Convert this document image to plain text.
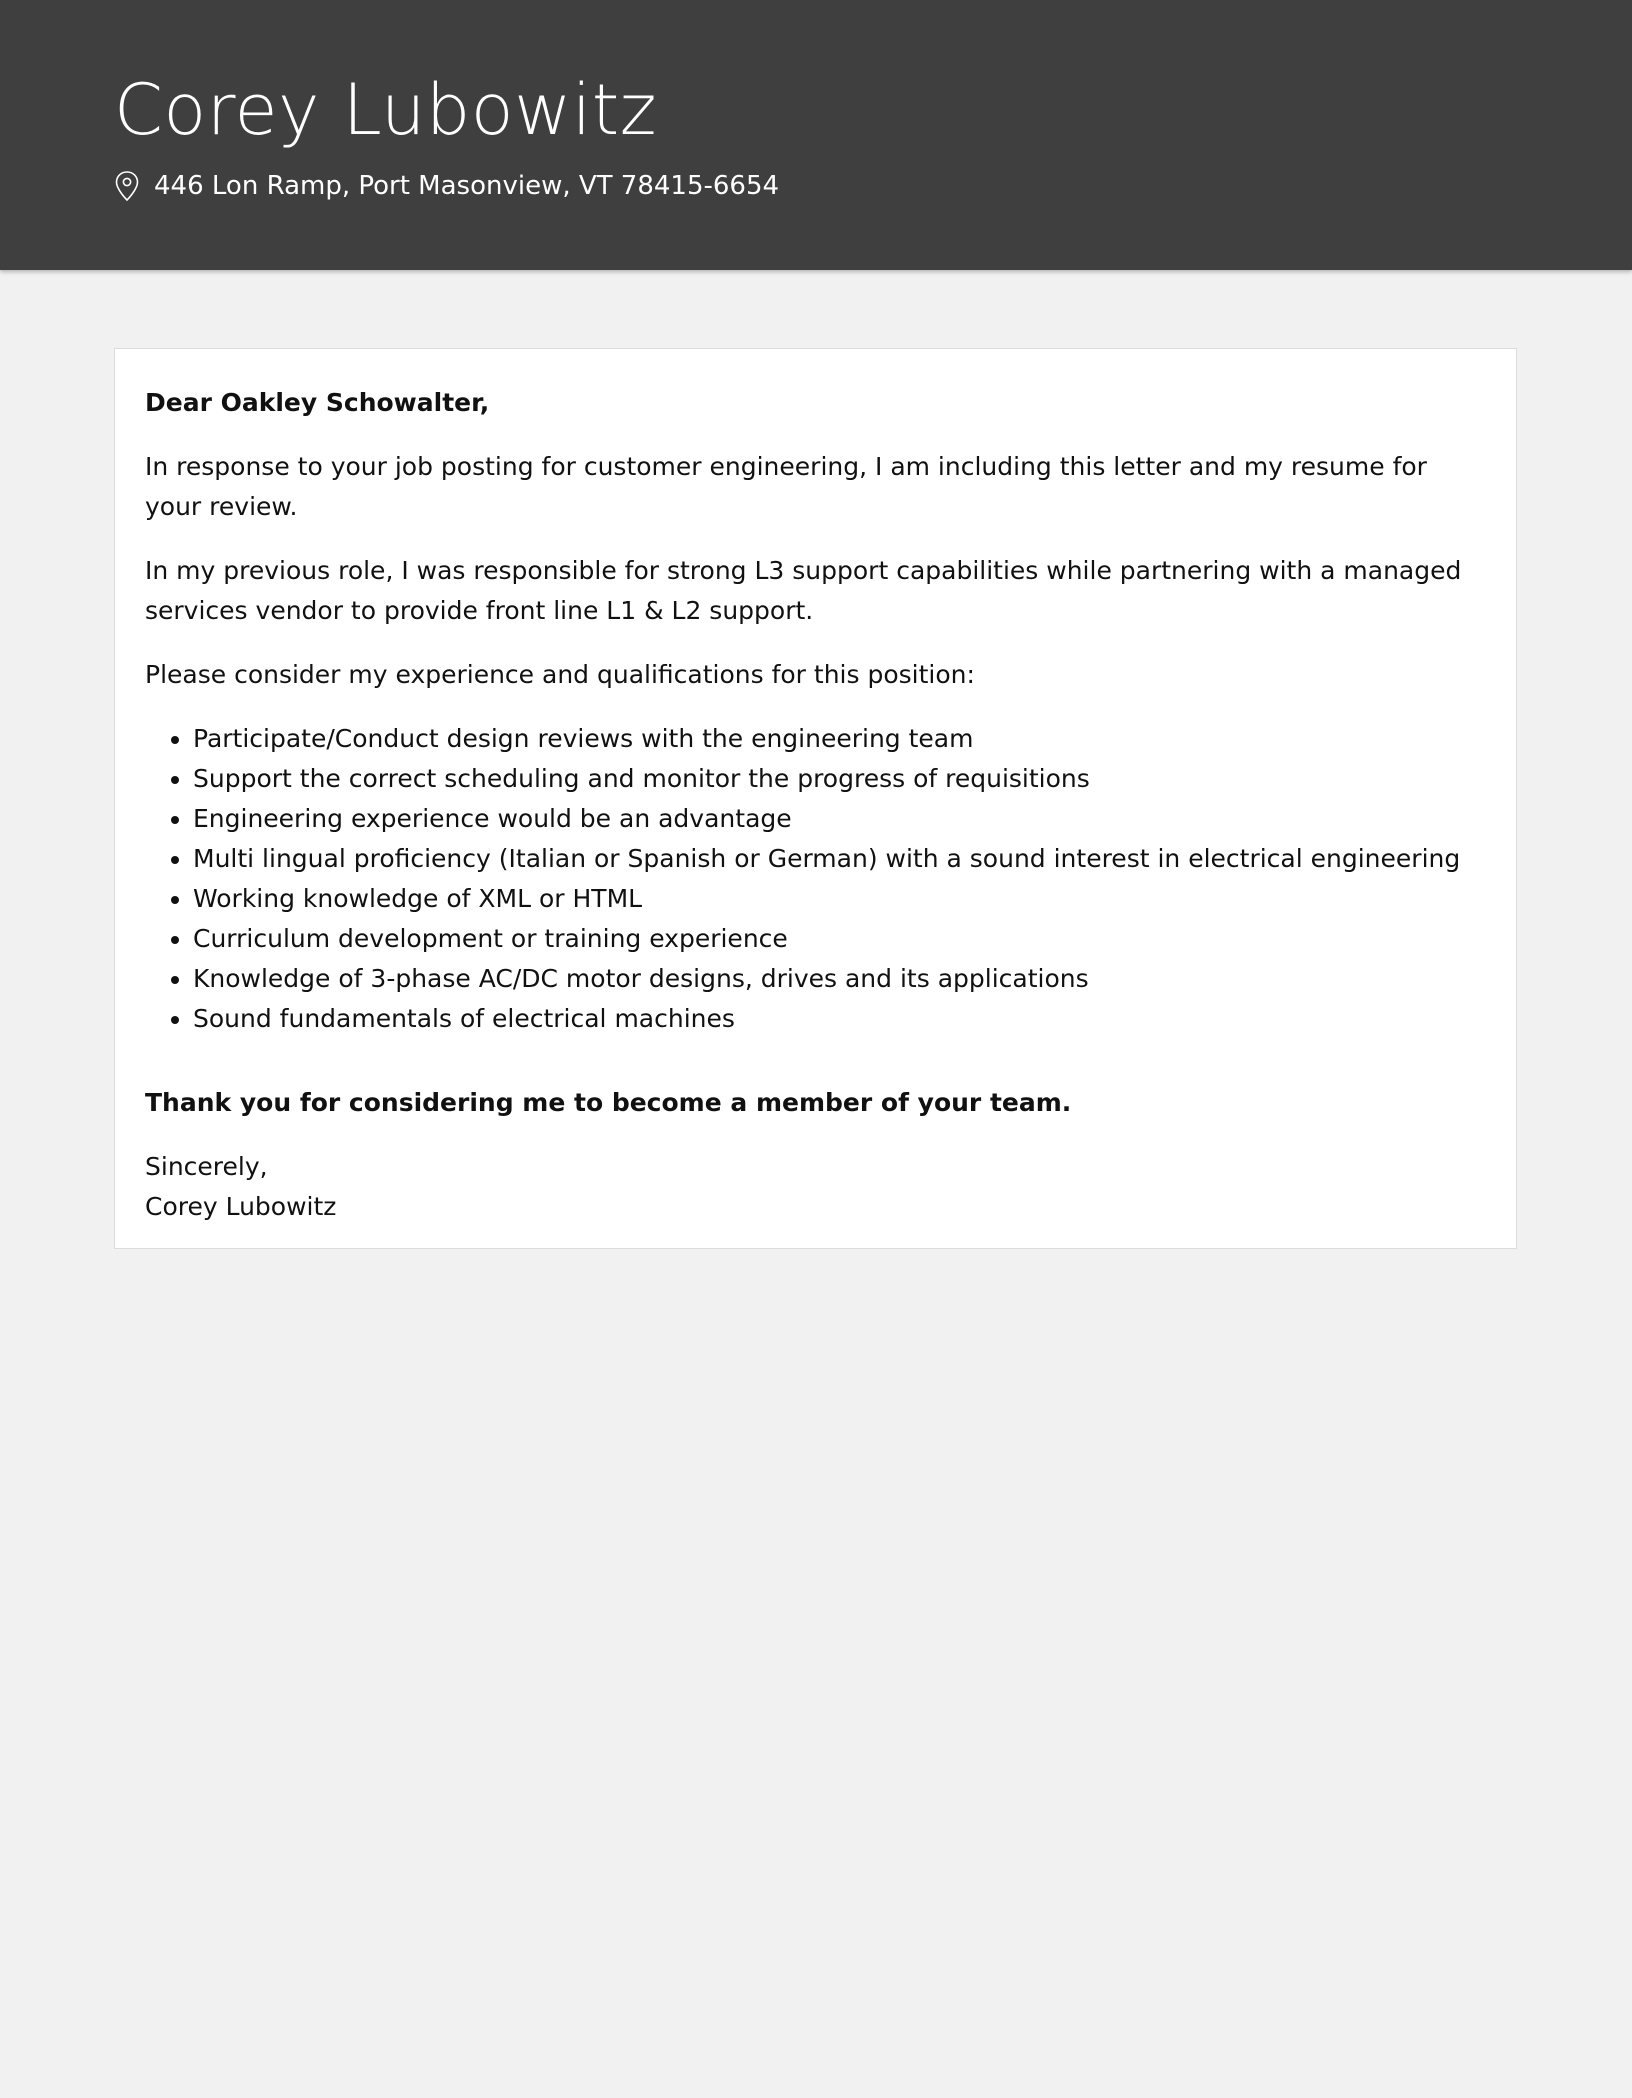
Corey Lubowitz
446 Lon Ramp, Port Masonview, VT 78415-6654

Dear Oakley Schowalter,

In response to your job posting for customer engineering, I am including this letter and my resume for your review.

In my previous role, I was responsible for strong L3 support capabilities while partnering with a managed services vendor to provide front line L1 & L2 support.

Please consider my experience and qualifications for this position:

• Participate/Conduct design reviews with the engineering team
• Support the correct scheduling and monitor the progress of requisitions
• Engineering experience would be an advantage
• Multi lingual proficiency (Italian or Spanish or German) with a sound interest in electrical engineering
• Working knowledge of XML or HTML
• Curriculum development or training experience
• Knowledge of 3-phase AC/DC motor designs, drives and its applications
• Sound fundamentals of electrical machines

Thank you for considering me to become a member of your team.

Sincerely,

Corey Lubowitz
